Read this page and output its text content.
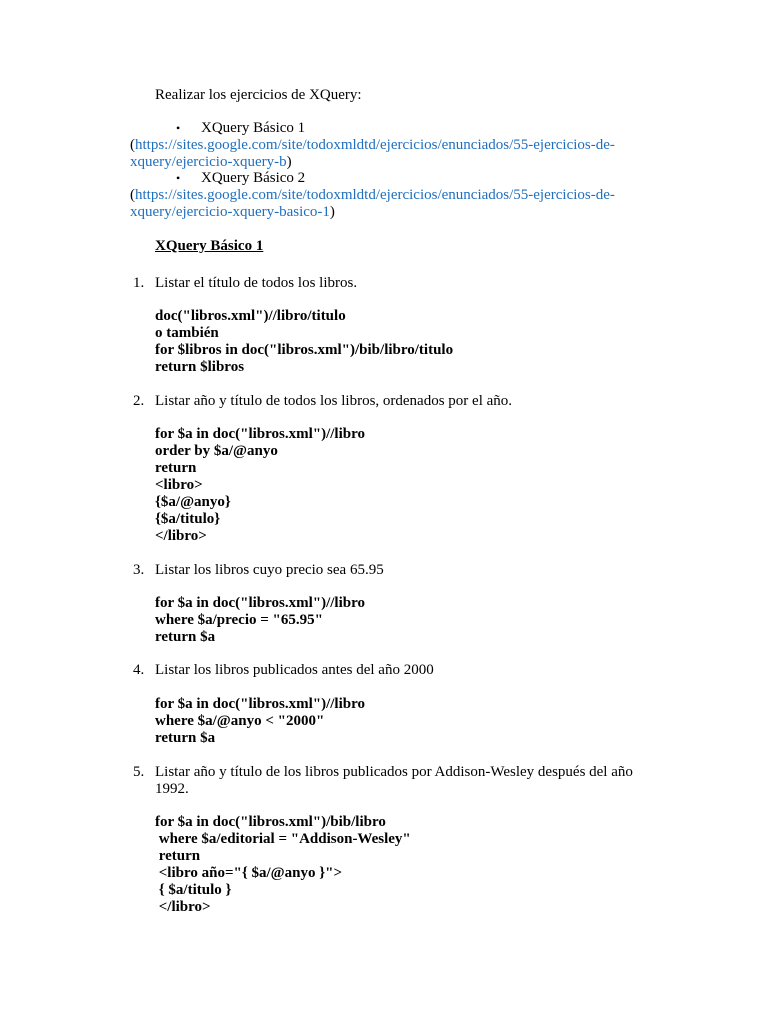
Realizar los ejercicios de XQuery:
• XQuery Básico 1
(https://sites.google.com/site/todoxmldtd/ejercicios/enunciados/55-ejercicios-de-
xquery/ejercicio-xquery-b)
• XQuery Básico 2
(https://sites.google.com/site/todoxmldtd/ejercicios/enunciados/55-ejercicios-de-
xquery/ejercicio-xquery-basico-1)
XQuery Básico 1
1. Listar el título de todos los libros.
doc("libros.xml")//libro/titulo
o también
for $libros in doc("libros.xml")/bib/libro/titulo
return $libros
2. Listar año y título de todos los libros, ordenados por el año.
for $a in doc("libros.xml")//libro
order by $a/@anyo
return
<libro>
{$a/@anyo}
{$a/titulo}
</libro>
3. Listar los libros cuyo precio sea 65.95
for $a in doc("libros.xml")//libro
where $a/precio = "65.95"
return $a
4. Listar los libros publicados antes del año 2000
for $a in doc("libros.xml")//libro
where $a/@anyo < "2000"
return $a
5. Listar año y título de los libros publicados por Addison-Wesley después del año
1992.
for $a in doc("libros.xml")/bib/libro
where $a/editorial = "Addison-Wesley"
return
<libro año="{ $a/@anyo }">
{ $a/titulo }
</libro>
